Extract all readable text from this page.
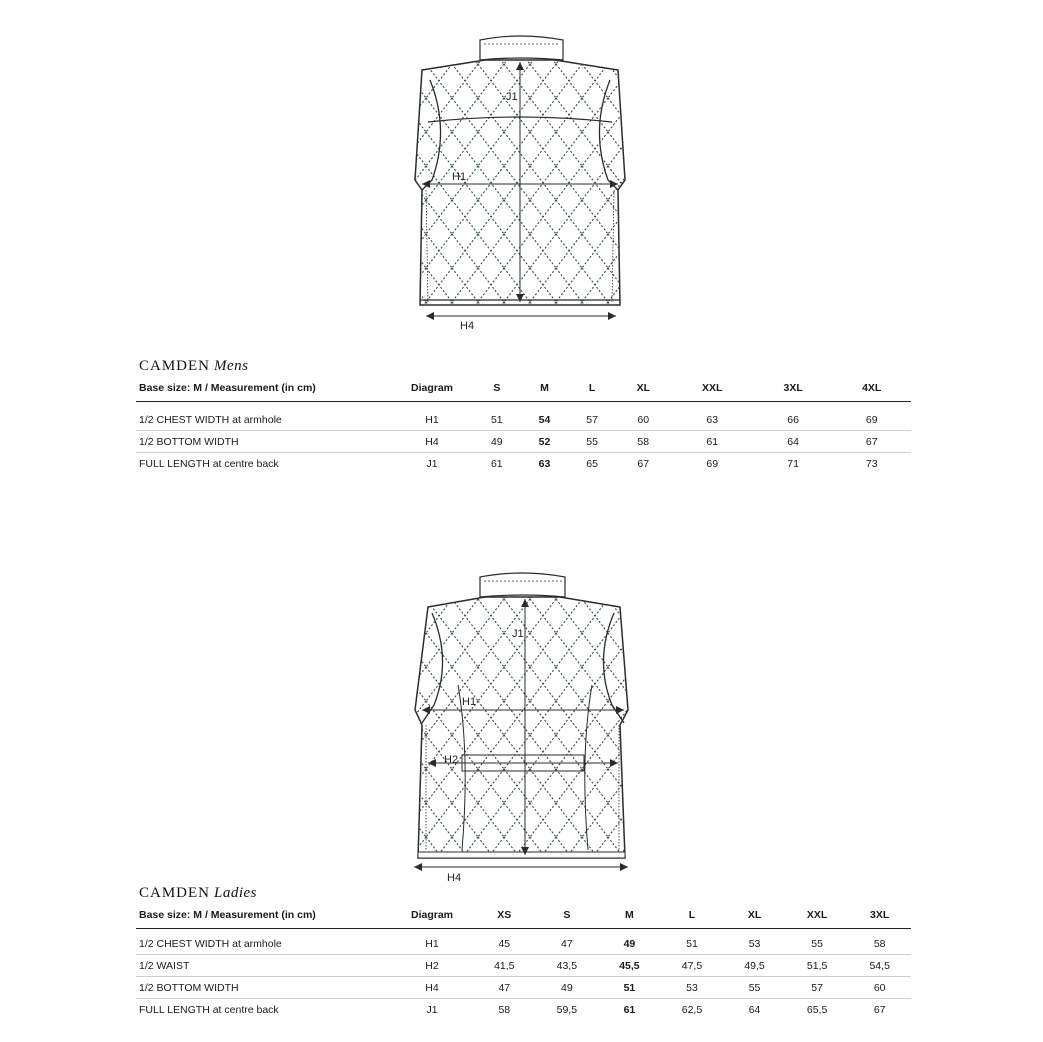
J1
H1
H4
CAMDEN Mens
Base size: M / Measurement (in cm)	Diagram	S	M	L	XL	XXL	3XL	4XL

1/2 CHEST WIDTH at armhole	H1	51	54	57	60	63	66	69
1/2 BOTTOM WIDTH	H4	49	52	55	58	61	64	67
FULL LENGTH at centre back	J1	61	63	65	67	69	71	73
J1
H1
H2
H4
CAMDEN Ladies
Base size: M / Measurement (in cm)	Diagram	XS	S	M	L	XL	XXL	3XL

1/2 CHEST WIDTH at armhole	H1	45	47	49	51	53	55	58
1/2 WAIST	H2	41,5	43,5	45,5	47,5	49,5	51,5	54,5
1/2 BOTTOM WIDTH	H4	47	49	51	53	55	57	60
FULL LENGTH at centre back	J1	58	59,5	61	62,5	64	65,5	67
